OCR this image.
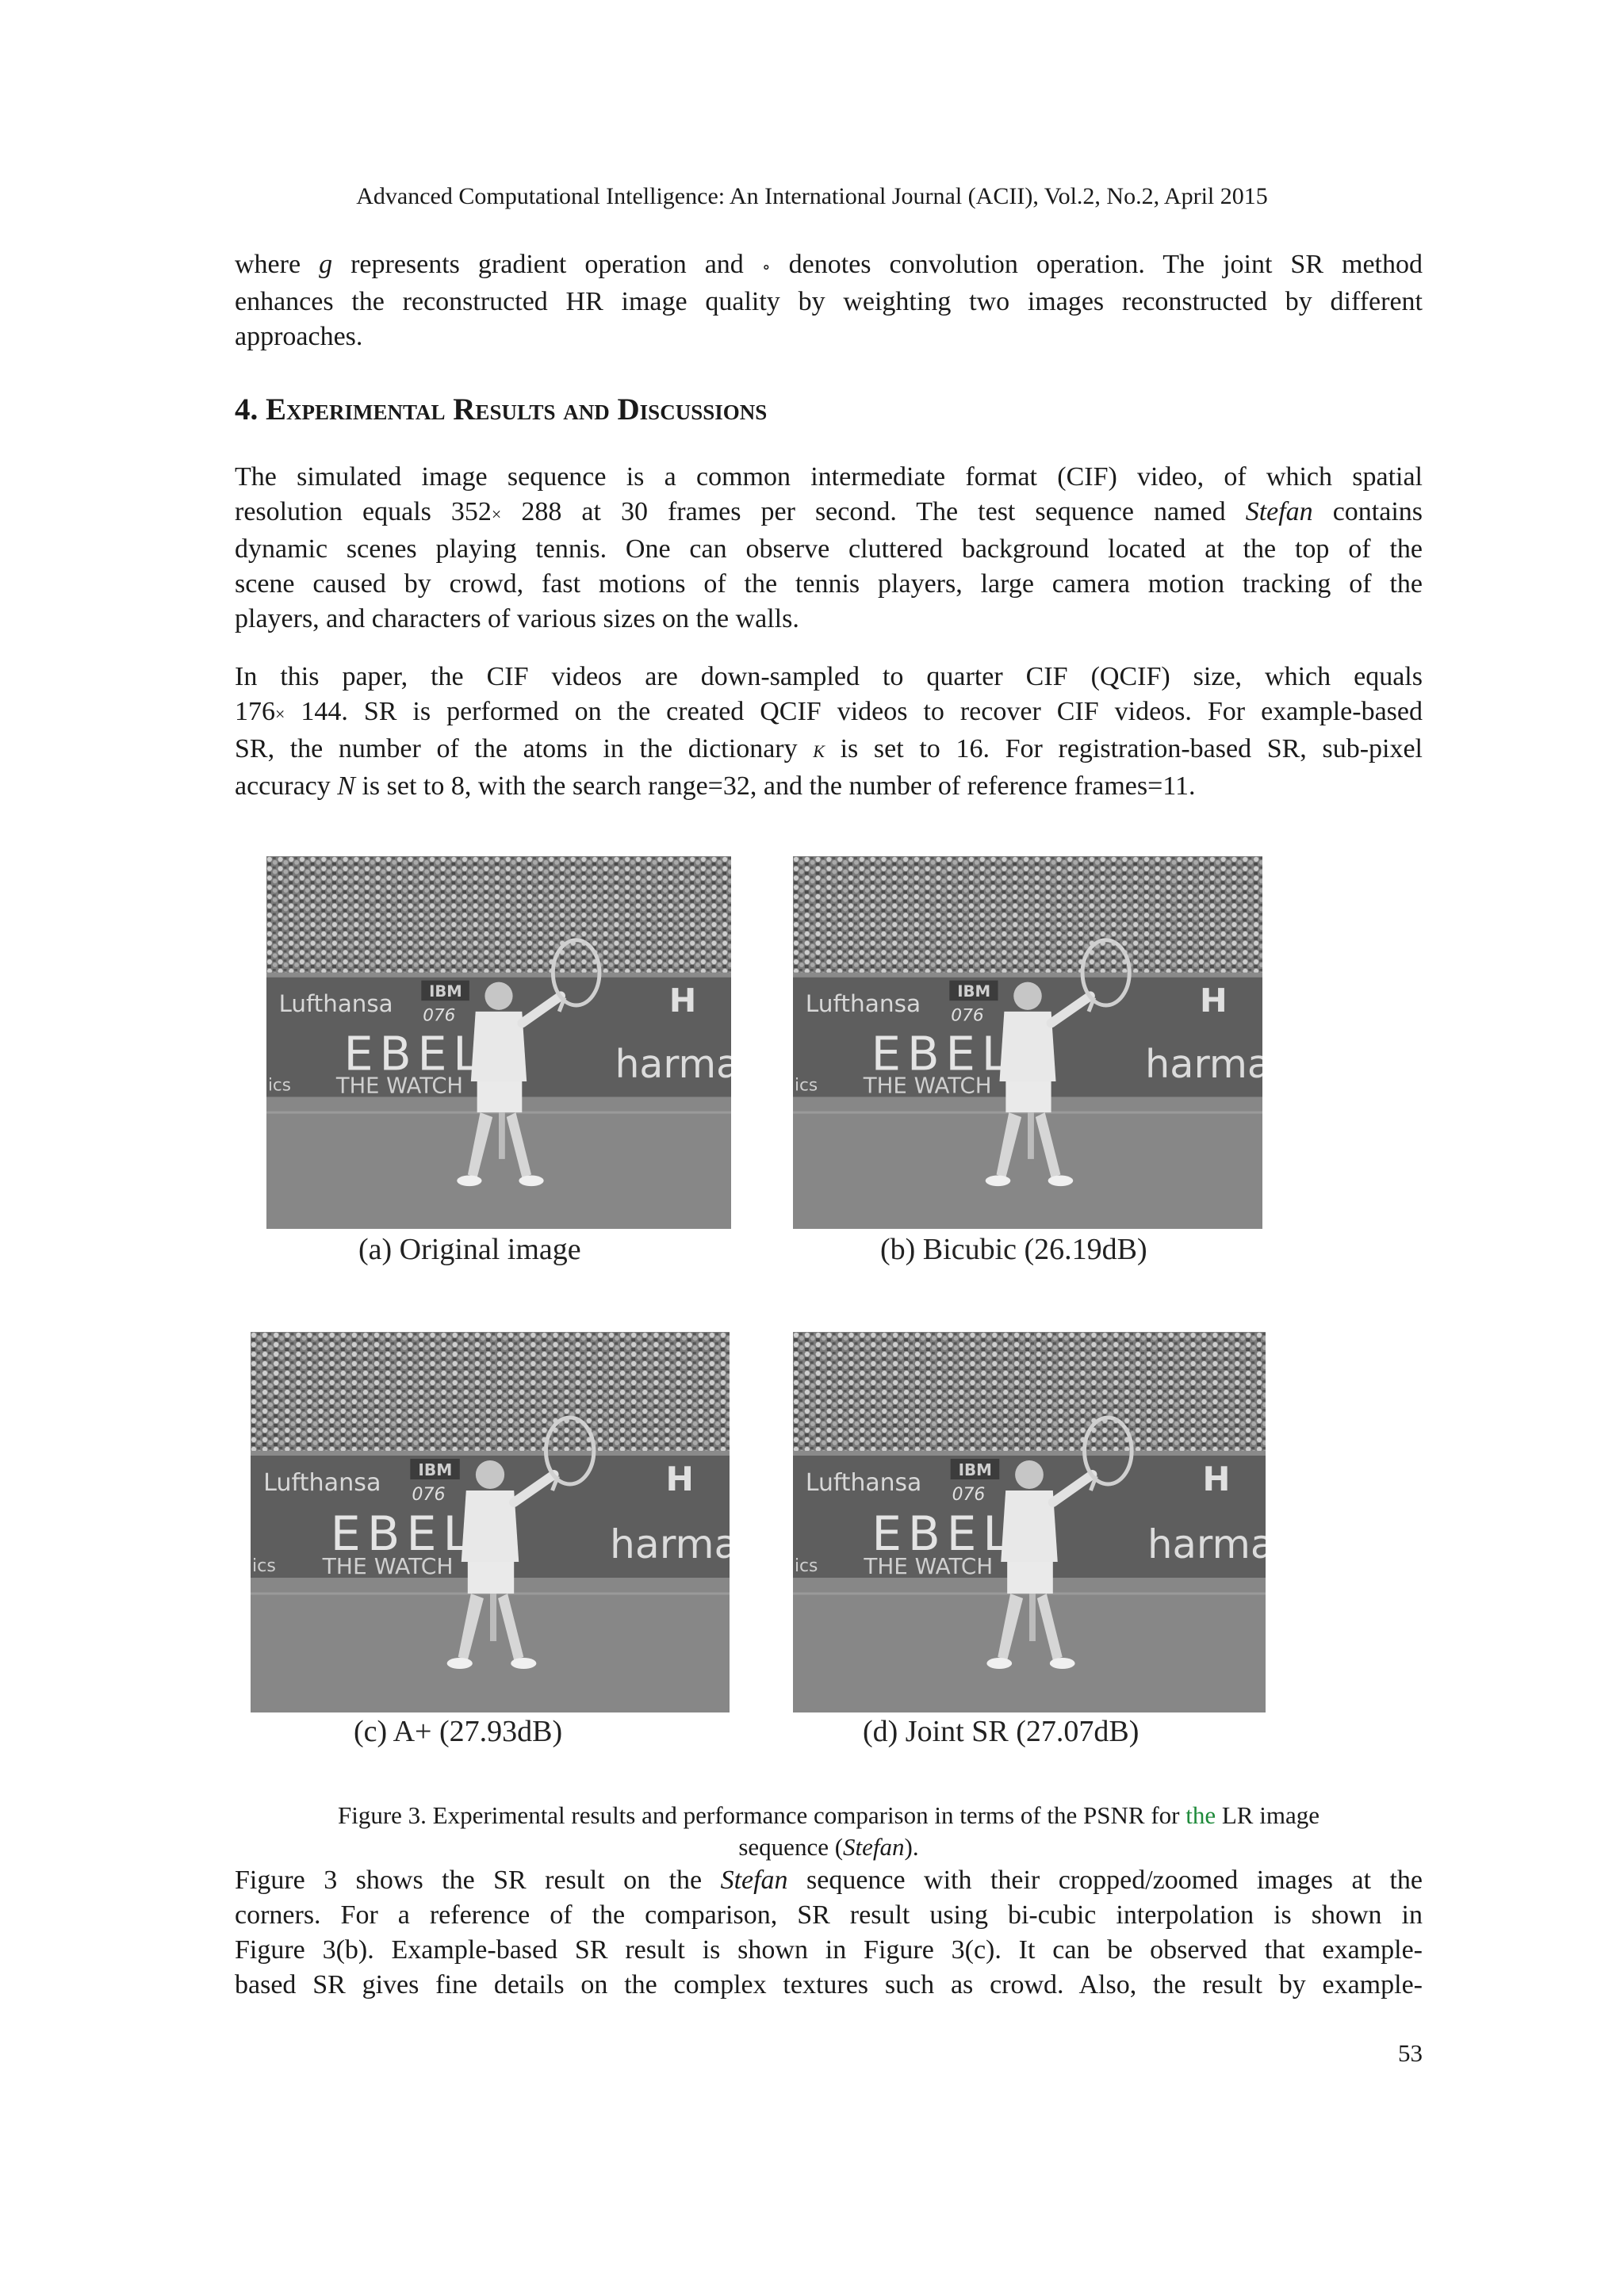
Advanced Computational Intelligence: An International Journal (ACII), Vol.2, No.2, April 2015
where g represents gradient operation and ∘ denotes convolution operation. The joint SR method
enhances the reconstructed HR image quality by weighting two images reconstructed by different
approaches.
4. Experimental Results and Discussions
The simulated image sequence is a common intermediate format (CIF) video, of which spatial
resolution equals 352× 288 at 30 frames per second. The test sequence named Stefan contains
dynamic scenes playing tennis. One can observe cluttered background located at the top of the
scene caused by crowd, fast motions of the tennis players, large camera motion tracking of the
players, and characters of various sizes on the walls.
In this paper, the CIF videos are down-sampled to quarter CIF (QCIF) size, which equals
176× 144. SR is performed on the created QCIF videos to recover CIF videos. For example-based
SR, the number of the atoms in the dictionary K is set to 16. For registration-based SR, sub-pixel
accuracy N is set to 8, with the search range=32, and the number of reference frames=11.
(a) Original image	(b) Bicubic (26.19dB)
(c) A+ (27.93dB)	(d) Joint SR (27.07dB)
Figure 3. Experimental results and performance comparison in terms of the PSNR for the LR image
sequence (Stefan).
Figure 3 shows the SR result on the Stefan sequence with their cropped/zoomed images at the
corners. For a reference of the comparison, SR result using bi-cubic interpolation is shown in
Figure 3(b). Example-based SR result is shown in Figure 3(c). It can be observed that example-
based SR gives fine details on the complex textures such as crowd. Also, the result by example-
53
